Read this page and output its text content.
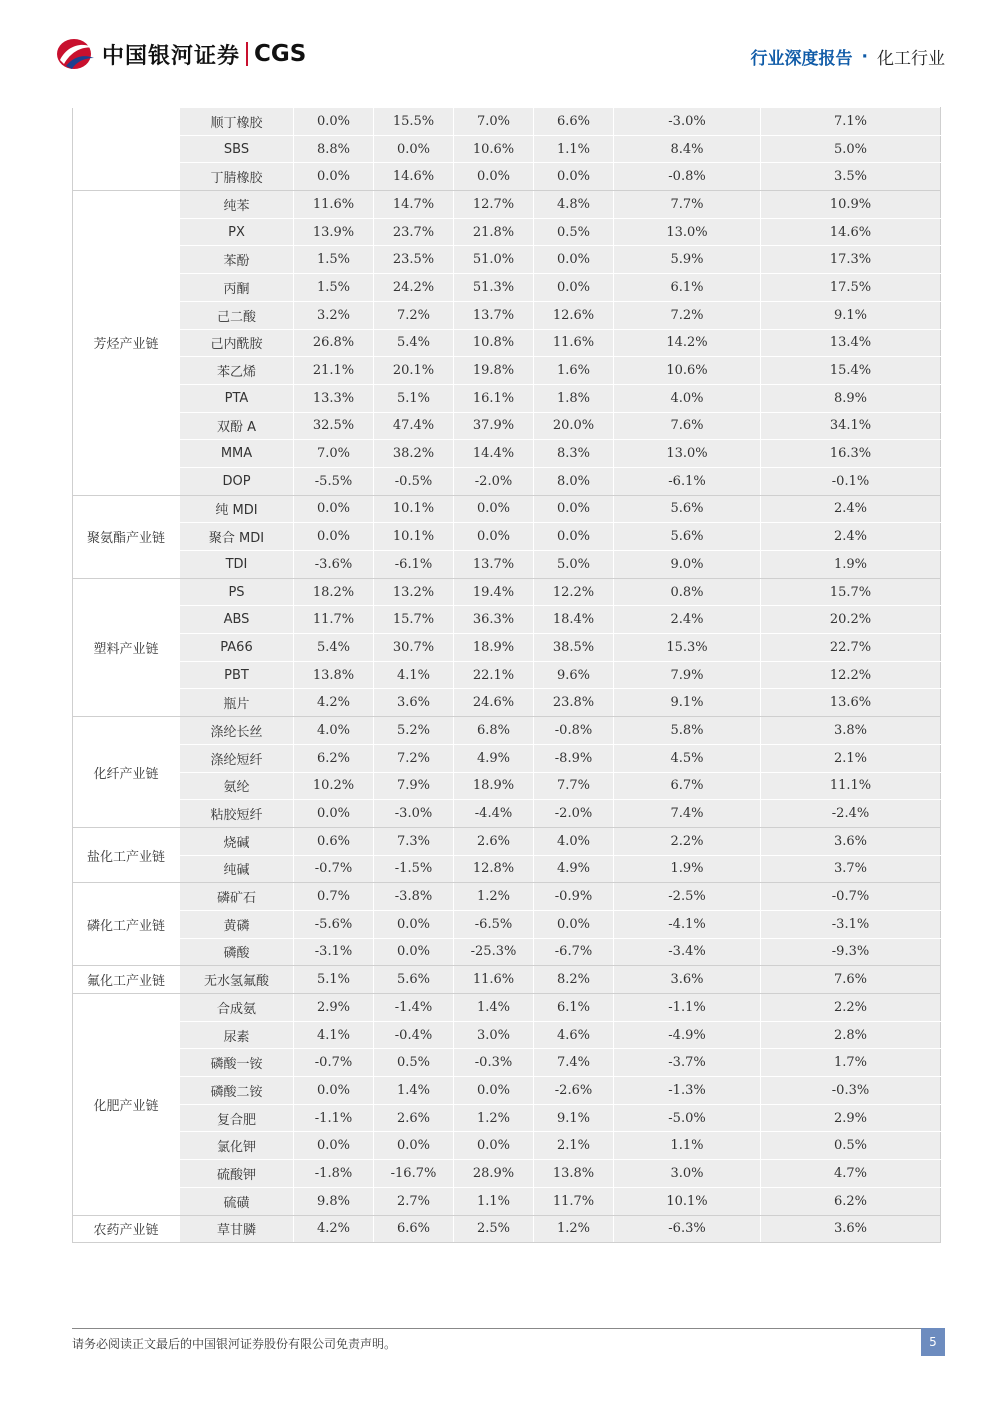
中国银河证券 CGS	行业深度报告 · 化工行业
	顺丁橡胶	0.0%	15.5%	7.0%	6.6%	-3.0%	7.1%
	SBS	8.8%	0.0%	10.6%	1.1%	8.4%	5.0%
	丁腈橡胶	0.0%	14.6%	0.0%	0.0%	-0.8%	3.5%
芳烃产业链	纯苯	11.6%	14.7%	12.7%	4.8%	7.7%	10.9%
	PX	13.9%	23.7%	21.8%	0.5%	13.0%	14.6%
	苯酚	1.5%	23.5%	51.0%	0.0%	5.9%	17.3%
	丙酮	1.5%	24.2%	51.3%	0.0%	6.1%	17.5%
	己二酸	3.2%	7.2%	13.7%	12.6%	7.2%	9.1%
	己内酰胺	26.8%	5.4%	10.8%	11.6%	14.2%	13.4%
	苯乙烯	21.1%	20.1%	19.8%	1.6%	10.6%	15.4%
	PTA	13.3%	5.1%	16.1%	1.8%	4.0%	8.9%
	双酚 A	32.5%	47.4%	37.9%	20.0%	7.6%	34.1%
	MMA	7.0%	38.2%	14.4%	8.3%	13.0%	16.3%
	DOP	-5.5%	-0.5%	-2.0%	8.0%	-6.1%	-0.1%
聚氨酯产业链	纯 MDI	0.0%	10.1%	0.0%	0.0%	5.6%	2.4%
	聚合 MDI	0.0%	10.1%	0.0%	0.0%	5.6%	2.4%
	TDI	-3.6%	-6.1%	13.7%	5.0%	9.0%	1.9%
塑料产业链	PS	18.2%	13.2%	19.4%	12.2%	0.8%	15.7%
	ABS	11.7%	15.7%	36.3%	18.4%	2.4%	20.2%
	PA66	5.4%	30.7%	18.9%	38.5%	15.3%	22.7%
	PBT	13.8%	4.1%	22.1%	9.6%	7.9%	12.2%
	瓶片	4.2%	3.6%	24.6%	23.8%	9.1%	13.6%
化纤产业链	涤纶长丝	4.0%	5.2%	6.8%	-0.8%	5.8%	3.8%
	涤纶短纤	6.2%	7.2%	4.9%	-8.9%	4.5%	2.1%
	氨纶	10.2%	7.9%	18.9%	7.7%	6.7%	11.1%
	粘胶短纤	0.0%	-3.0%	-4.4%	-2.0%	7.4%	-2.4%
盐化工产业链	烧碱	0.6%	7.3%	2.6%	4.0%	2.2%	3.6%
	纯碱	-0.7%	-1.5%	12.8%	4.9%	1.9%	3.7%
磷化工产业链	磷矿石	0.7%	-3.8%	1.2%	-0.9%	-2.5%	-0.7%
	黄磷	-5.6%	0.0%	-6.5%	0.0%	-4.1%	-3.1%
	磷酸	-3.1%	0.0%	-25.3%	-6.7%	-3.4%	-9.3%
氟化工产业链	无水氢氟酸	5.1%	5.6%	11.6%	8.2%	3.6%	7.6%
化肥产业链	合成氨	2.9%	-1.4%	1.4%	6.1%	-1.1%	2.2%
	尿素	4.1%	-0.4%	3.0%	4.6%	-4.9%	2.8%
	磷酸一铵	-0.7%	0.5%	-0.3%	7.4%	-3.7%	1.7%
	磷酸二铵	0.0%	1.4%	0.0%	-2.6%	-1.3%	-0.3%
	复合肥	-1.1%	2.6%	1.2%	9.1%	-5.0%	2.9%
	氯化钾	0.0%	0.0%	0.0%	2.1%	1.1%	0.5%
	硫酸钾	-1.8%	-16.7%	28.9%	13.8%	3.0%	4.7%
	硫磺	9.8%	2.7%	1.1%	11.7%	10.1%	6.2%
农药产业链	草甘膦	4.2%	6.6%	2.5%	1.2%	-6.3%	3.6%
请务必阅读正文最后的中国银河证券股份有限公司免责声明。	5
